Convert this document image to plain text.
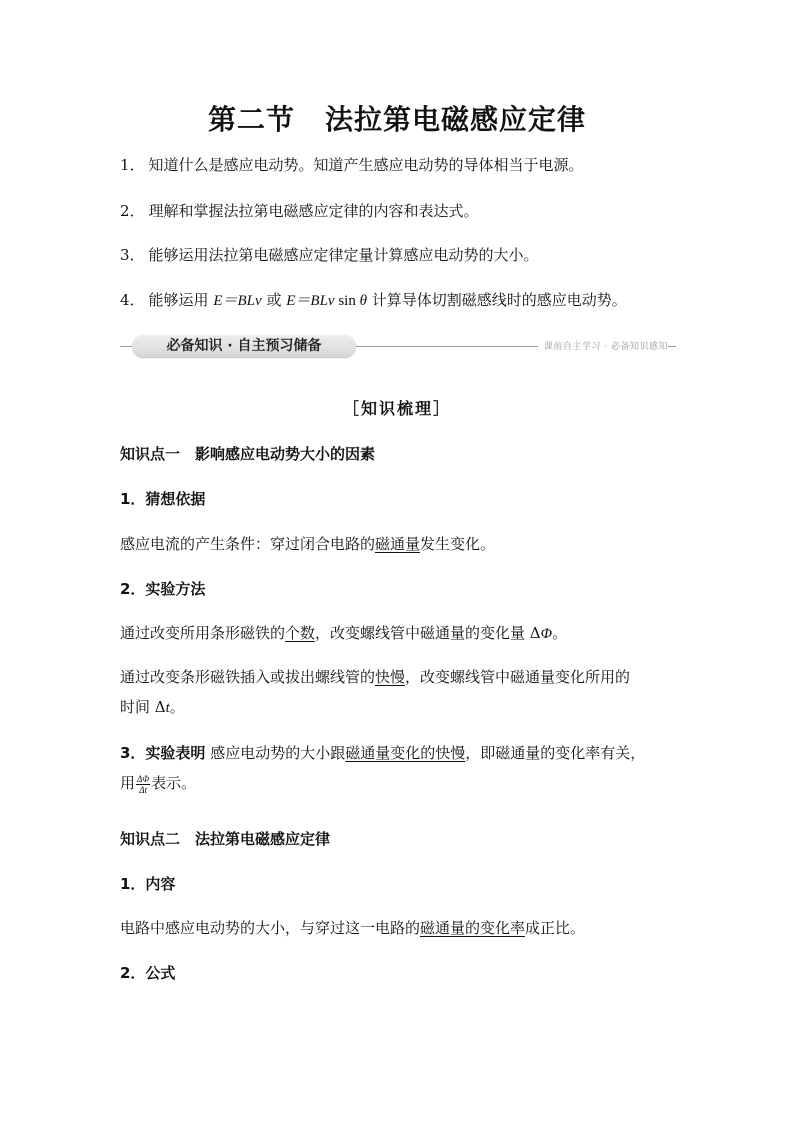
第二节 法拉第电磁感应定律
1． 知道什么是感应电动势。知道产生感应电动势的导体相当于电源。
2． 理解和掌握法拉第电磁感应定律的内容和表达式。
3． 能够运用法拉第电磁感应定律定量计算感应电动势的大小。
4． 能够运用 E＝BLv 或 E＝BLv sin θ 计算导体切割磁感线时的感应电动势。
必备知识 · 自主预习储备	课前自主学习 · 必备知识感知
［知识梳理］
知识点一　影响感应电动势大小的因素
1．猜想依据
感应电流的产生条件：穿过闭合电路的磁通量发生变化。
2．实验方法
通过改变所用条形磁铁的个数，改变螺线管中磁通量的变化量 ΔΦ。
通过改变条形磁铁插入或拔出螺线管的快慢，改变螺线管中磁通量变化所用的
时间 Δt。
3．实验表明 感应电动势的大小跟磁通量变化的快慢，即磁通量的变化率有关，
用 $\frac{\Delta\Phi}{\Delta t}$ 表示。
知识点二　法拉第电磁感应定律
1．内容
电路中感应电动势的大小，与穿过这一电路的磁通量的变化率成正比。
2．公式
